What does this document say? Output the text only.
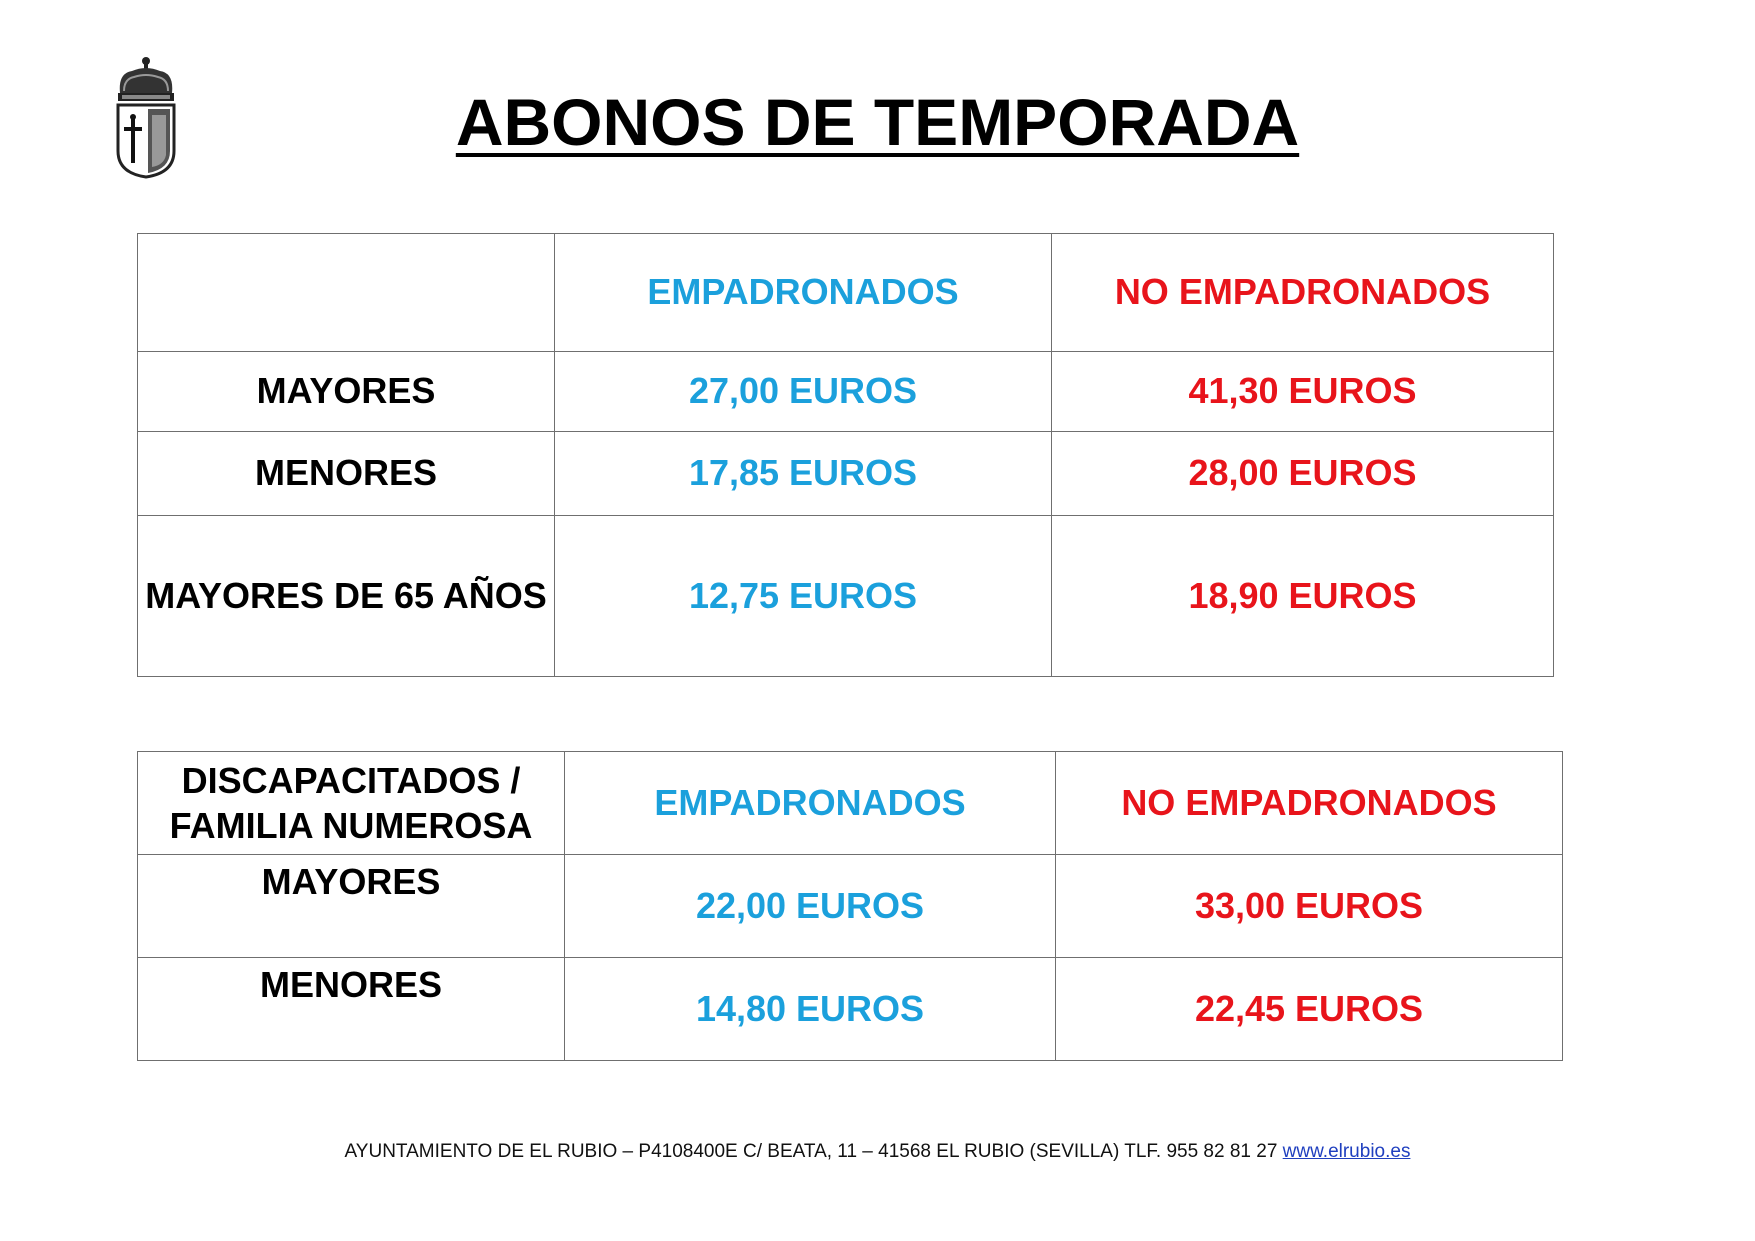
ABONOS DE TEMPORADA
	EMPADRONADOS	NO EMPADRONADOS
MAYORES	27,00 EUROS	41,30 EUROS
MENORES	17,85 EUROS	28,00 EUROS
MAYORES DE 65 AÑOS	12,75 EUROS	18,90 EUROS
DISCAPACITADOS /
FAMILIA NUMEROSA	EMPADRONADOS	NO EMPADRONADOS
MAYORES	22,00 EUROS	33,00 EUROS
MENORES	14,80 EUROS	22,45 EUROS
AYUNTAMIENTO DE EL RUBIO – P4108400E C/ BEATA, 11 – 41568 EL RUBIO (SEVILLA) TLF. 955 82 81 27 www.elrubio.es
